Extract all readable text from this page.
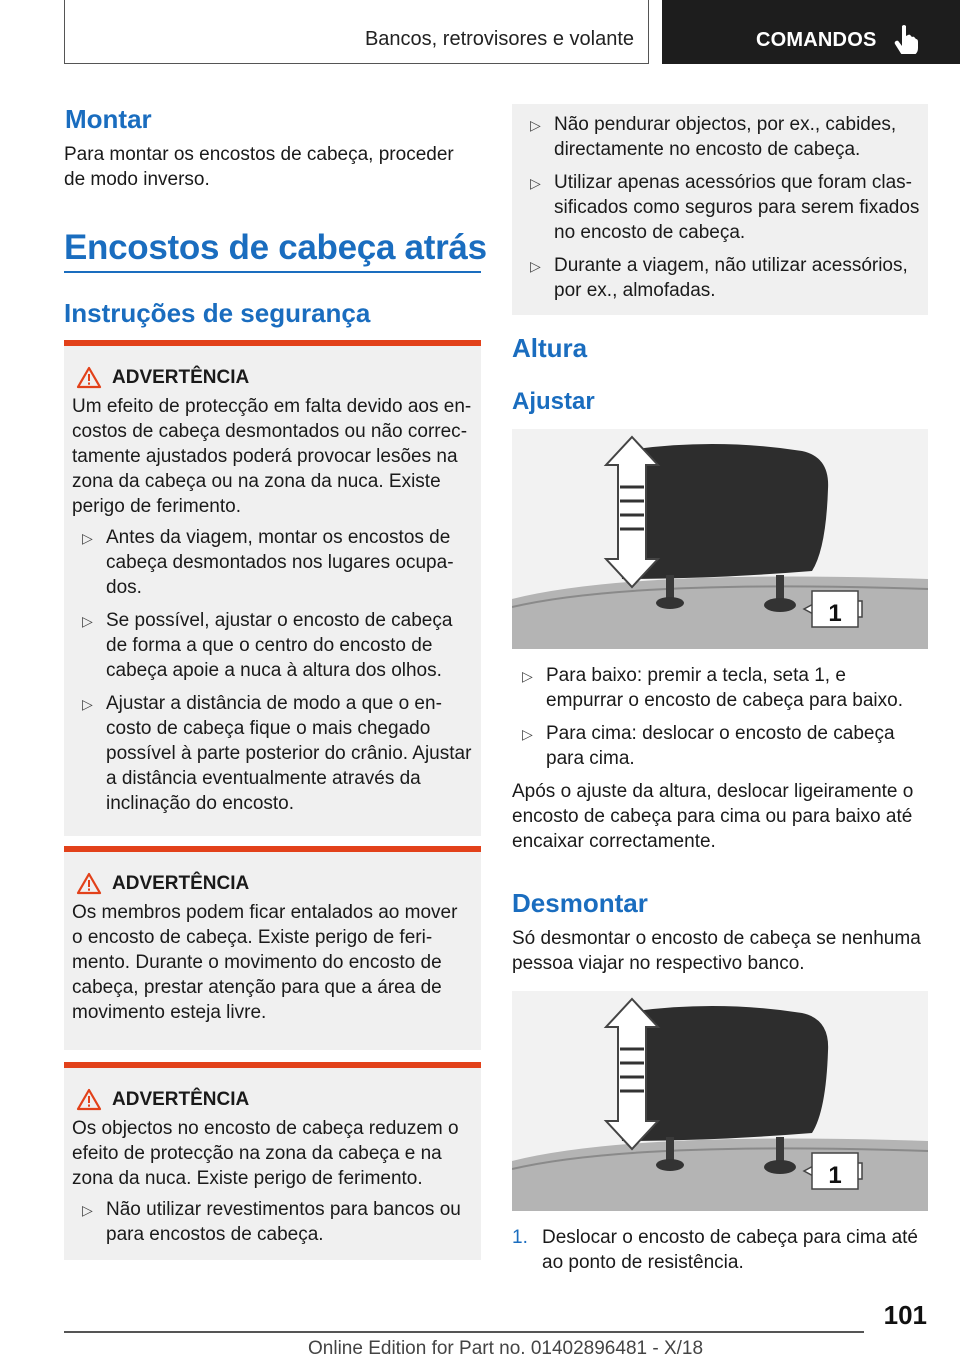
Bancos, retrovisores e volante	COMANDOS
Montar

Para montar os encostos de cabeça, proceder de modo inverso.

Encostos de cabeça atrás
Instruções de segurança
ADVERTÊNCIA
Um efeito de protecção em falta devido aos encostos de cabeça desmontados ou não correctamente ajustados poderá provocar lesões na zona da cabeça ou na zona da nuca. Existe perigo de ferimento.
▷ Antes da viagem, montar os encostos de cabeça desmontados nos lugares ocupados.
▷ Se possível, ajustar o encosto de cabeça de forma a que o centro do encosto de cabeça apoie a nuca à altura dos olhos.
▷ Ajustar a distância de modo a que o encosto de cabeça fique o mais chegado possível à parte posterior do crânio. Ajustar a distância eventualmente através da inclinação do encosto.
ADVERTÊNCIA
Os membros podem ficar entalados ao mover o encosto de cabeça. Existe perigo de ferimento. Durante o movimento do encosto de cabeça, prestar atenção para que a área de movimento esteja livre.
ADVERTÊNCIA
Os objectos no encosto de cabeça reduzem o efeito de protecção na zona da cabeça e na zona da nuca. Existe perigo de ferimento.
▷ Não utilizar revestimentos para bancos ou para encostos de cabeça.
▷ Não pendurar objectos, por ex., cabides, directamente no encosto de cabeça.
▷ Utilizar apenas acessórios que foram classificados como seguros para serem fixados no encosto de cabeça.
▷ Durante a viagem, não utilizar acessórios, por ex., almofadas.
Altura
Ajustar
1
▷ Para baixo: premir a tecla, seta 1, e empurrar o encosto de cabeça para baixo.
▷ Para cima: deslocar o encosto de cabeça para cima.

Após o ajuste da altura, deslocar ligeiramente o encosto de cabeça para cima ou para baixo até encaixar correctamente.

Desmontar

Só desmontar o encosto de cabeça se nenhuma pessoa viajar no respectivo banco.

1
1. Deslocar o encosto de cabeça para cima até ao ponto de resistência.
101
Online Edition for Part no. 01402896481 - X/18
